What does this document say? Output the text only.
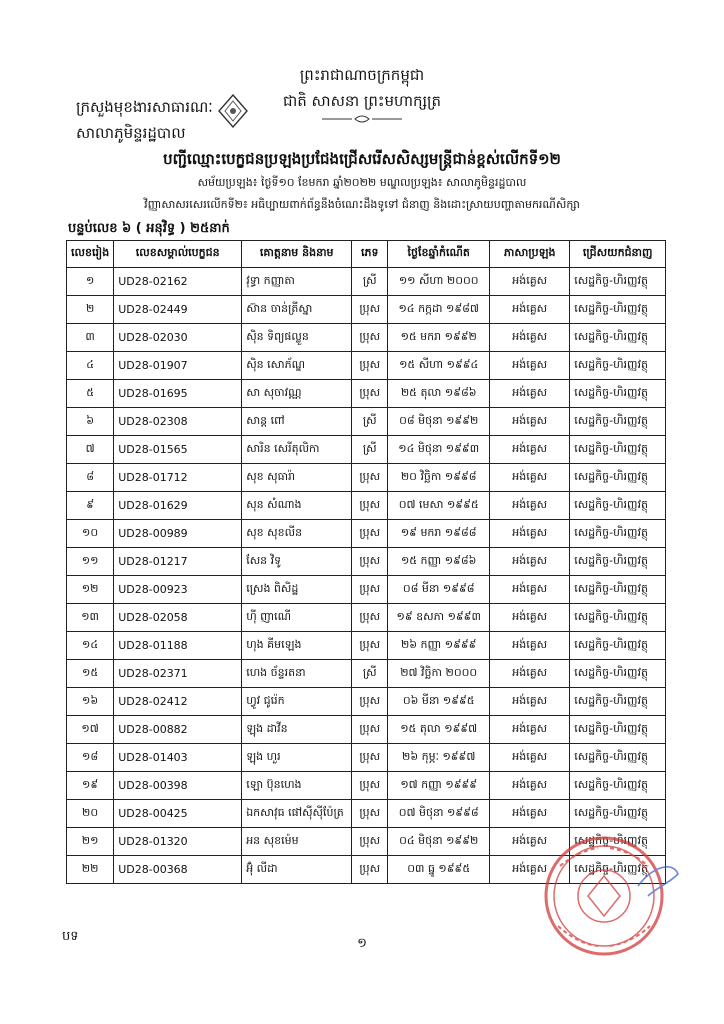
ព្រះរាជាណាចក្រកម្ពុជា
ជាតិ សាសនា ព្រះមហាក្សត្រ
ក្រសួងមុខងារសាធារណៈ
សាលាភូមិន្ទរដ្ឋបាល
បញ្ជីឈ្មោះបេក្ខជនប្រឡងប្រជែងជ្រើសរើសសិស្សមន្ត្រីជាន់ខ្ពស់លើកទី១២
សម័យប្រឡង៖ ថ្ងៃទី១០ ខែមករា ឆ្នាំ២០២២ មណ្ឌលប្រឡង៖ សាលាភូមិន្ទរដ្ឋបាល
វិញ្ញាសាសរសេរលើកទី២៖ អធិប្បាយពាក់ព័ន្ធនឹងចំណេះដឹងទូទៅ ជំនាញ និងដោះស្រាយបញ្ហាតាមករណីសិក្សា
បន្ទប់លេខ ៦ ( អនុវិទ្ធ ) ២៥នាក់
លេខរៀង	លេខសម្គាល់បេក្ខជន	គោត្តនាម និងនាម	ភេទ	ថ្ងៃខែឆ្នាំកំណើត	ភាសាប្រឡង	ជ្រើសយកជំនាញ
១	UD28-02162	វុទ្ធា កញ្ញាតា	ស្រី	១១ សីហា ២០០០	អង់គ្លេស	សេដ្ឋកិច្ច-ហិរញ្ញវត្ថុ
២	UD28-02449	ស៊ាន ចាន់ត្រីស្នា	ប្រុស	១៤ កក្កដា ១៩៨៧	អង់គ្លេស	សេដ្ឋកិច្ច-ហិរញ្ញវត្ថុ
៣	UD28-02030	ស៊ិន ទិព្យផល្លួន	ប្រុស	១៥ មករា ១៩៩២	អង់គ្លេស	សេដ្ឋកិច្ច-ហិរញ្ញវត្ថុ
៤	UD28-01907	ស៊ិន សោភ័ណ្ឌ	ប្រុស	១៥ សីហា ១៩៩៤	អង់គ្លេស	សេដ្ឋកិច្ច-ហិរញ្ញវត្ថុ
៥	UD28-01695	សា សុចាវណ្ណ	ប្រុស	២៥ តុលា ១៩៨៦	អង់គ្លេស	សេដ្ឋកិច្ច-ហិរញ្ញវត្ថុ
៦	UD28-02308	សាន្ត ពៅ	ស្រី	០៨ មិថុនា ១៩៩២	អង់គ្លេស	សេដ្ឋកិច្ច-ហិរញ្ញវត្ថុ
៧	UD28-01565	សារិន សេរីតុលិកា	ស្រី	១៤ មិថុនា ១៩៩៣	អង់គ្លេស	សេដ្ឋកិច្ច-ហិរញ្ញវត្ថុ
៨	UD28-01712	សុខ សុធារ៉ា	ប្រុស	២០ វិច្ឆិកា ១៩៩៨	អង់គ្លេស	សេដ្ឋកិច្ច-ហិរញ្ញវត្ថុ
៩	UD28-01629	សុន សំណាង	ប្រុស	០៧ មេសា ១៩៩៥	អង់គ្លេស	សេដ្ឋកិច្ច-ហិរញ្ញវត្ថុ
១០	UD28-00989	សុខ សុខលីន	ប្រុស	១៩ មករា ១៩៨៨	អង់គ្លេស	សេដ្ឋកិច្ច-ហិរញ្ញវត្ថុ
១១	UD28-01217	សែន វិទូ	ប្រុស	១៥ កញ្ញា ១៩៨៦	អង់គ្លេស	សេដ្ឋកិច្ច-ហិរញ្ញវត្ថុ
១២	UD28-00923	ស្រេង ពិសិដ្ឋ	ប្រុស	០៨ មីនា ១៩៩៨	អង់គ្លេស	សេដ្ឋកិច្ច-ហិរញ្ញវត្ថុ
១៣	UD28-02058	ហ៊ី ញាណើ	ប្រុស	១៩ ឧសភា ១៩៩៣	អង់គ្លេស	សេដ្ឋកិច្ច-ហិរញ្ញវត្ថុ
១៤	UD28-01188	ហុង គីមឡេង	ប្រុស	២៦ កញ្ញា ១៩៩៩	អង់គ្លេស	សេដ្ឋកិច្ច-ហិរញ្ញវត្ថុ
១៥	UD28-02371	ហេង ច័ន្ទរតនា	ស្រី	២៧ វិច្ឆិកា ២០០០	អង់គ្លេស	សេដ្ឋកិច្ច-ហិរញ្ញវត្ថុ
១៦	UD28-02412	ហ្វូវ ជូរ៉េក	ប្រុស	០៦ មីនា ១៩៩៥	អង់គ្លេស	សេដ្ឋកិច្ច-ហិរញ្ញវត្ថុ
១៧	UD28-00882	ឡុង ដាវីន	ប្រុស	១៥ តុលា ១៩៩៧	អង់គ្លេស	សេដ្ឋកិច្ច-ហិរញ្ញវត្ថុ
១៨	UD28-01403	ឡុង ហួរ	ប្រុស	២៦ កុម្ភៈ ១៩៩៧	អង់គ្លេស	សេដ្ឋកិច្ច-ហិរញ្ញវត្ថុ
១៩	UD28-00398	ឡោ ប៊ុនហេង	ប្រុស	១៧ កញ្ញា ១៩៩៩	អង់គ្លេស	សេដ្ឋកិច្ច-ហិរញ្ញវត្ថុ
២០	UD28-00425	ឯកសាវុធ ផៅស៊ីស៊ីប៉ែត្រ	ប្រុស	០៧ មិថុនា ១៩៩៨	អង់គ្លេស	សេដ្ឋកិច្ច-ហិរញ្ញវត្ថុ
២១	UD28-01320	អន សុខម៉េម	ប្រុស	០៤ មិថុនា ១៩៩២	អង់គ្លេស	សេដ្ឋកិច្ច-ហិរញ្ញវត្ថុ
២២	UD28-00368	អ៊ុំ លីដា	ប្រុស	០៣ ធ្នូ ១៩៩៥	អង់គ្លេស	សេដ្ឋកិច្ច-ហិរញ្ញវត្ថុ
បទ	១
